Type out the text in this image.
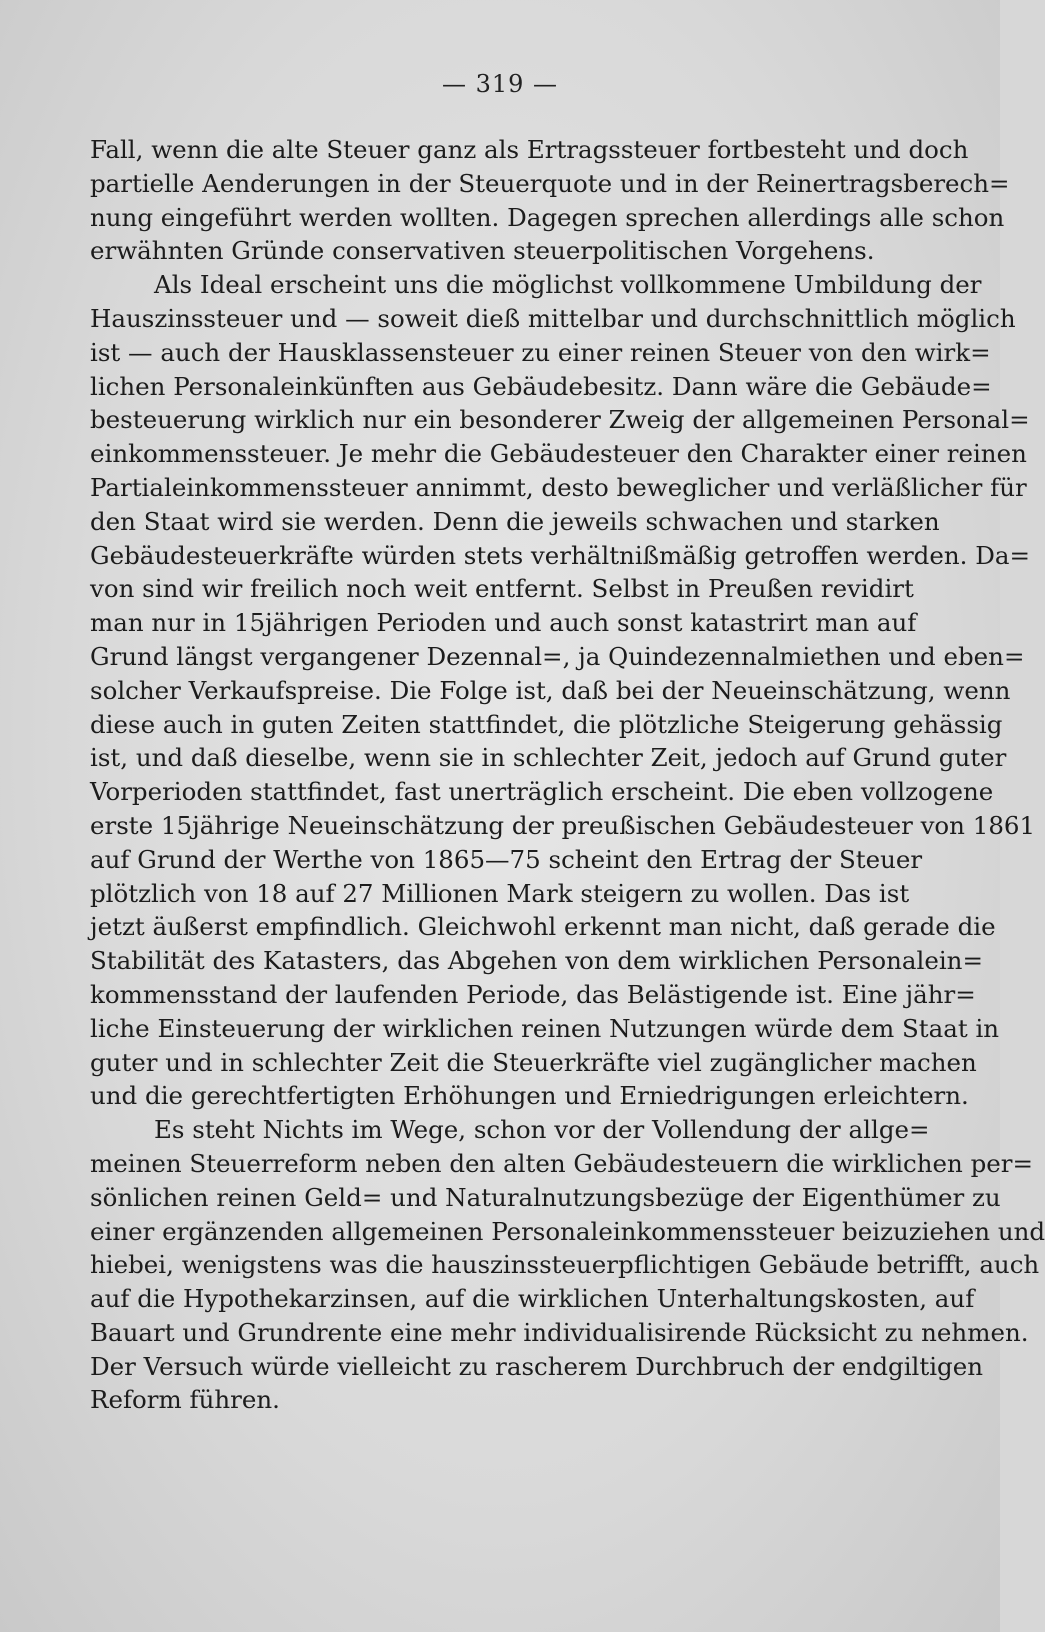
— 319 —
Fall, wenn die alte Steuer ganz als Ertragssteuer fortbesteht und doch
partielle Aenderungen in der Steuerquote und in der Reinertragsberech=
nung eingeführt werden wollten. Dagegen sprechen allerdings alle schon
erwähnten Gründe conservativen steuerpolitischen Vorgehens.
Als Ideal erscheint uns die möglichst vollkommene Umbildung der
Hauszinssteuer und — soweit dieß mittelbar und durchschnittlich möglich
ist — auch der Hausklassensteuer zu einer reinen Steuer von den wirk=
lichen Personaleinkünften aus Gebäudebesitz. Dann wäre die Gebäude=
besteuerung wirklich nur ein besonderer Zweig der allgemeinen Personal=
einkommenssteuer. Je mehr die Gebäudesteuer den Charakter einer reinen
Partialeinkommenssteuer annimmt, desto beweglicher und verläßlicher für
den Staat wird sie werden. Denn die jeweils schwachen und starken
Gebäudesteuerkräfte würden stets verhältnißmäßig getroffen werden. Da=
von sind wir freilich noch weit entfernt. Selbst in Preußen revidirt
man nur in 15jährigen Perioden und auch sonst katastrirt man auf
Grund längst vergangener Dezennal=, ja Quindezennalmiethen und eben=
solcher Verkaufspreise. Die Folge ist, daß bei der Neueinschätzung, wenn
diese auch in guten Zeiten stattfindet, die plötzliche Steigerung gehässig
ist, und daß dieselbe, wenn sie in schlechter Zeit, jedoch auf Grund guter
Vorperioden stattfindet, fast unerträglich erscheint. Die eben vollzogene
erste 15jährige Neueinschätzung der preußischen Gebäudesteuer von 1861
auf Grund der Werthe von 1865—75 scheint den Ertrag der Steuer
plötzlich von 18 auf 27 Millionen Mark steigern zu wollen. Das ist
jetzt äußerst empfindlich. Gleichwohl erkennt man nicht, daß gerade die
Stabilität des Katasters, das Abgehen von dem wirklichen Personalein=
kommensstand der laufenden Periode, das Belästigende ist. Eine jähr=
liche Einsteuerung der wirklichen reinen Nutzungen würde dem Staat in
guter und in schlechter Zeit die Steuerkräfte viel zugänglicher machen
und die gerechtfertigten Erhöhungen und Erniedrigungen erleichtern.
Es steht Nichts im Wege, schon vor der Vollendung der allge=
meinen Steuerreform neben den alten Gebäudesteuern die wirklichen per=
sönlichen reinen Geld= und Naturalnutzungsbezüge der Eigenthümer zu
einer ergänzenden allgemeinen Personaleinkommenssteuer beizuziehen und
hiebei, wenigstens was die hauszinssteuerpflichtigen Gebäude betrifft, auch
auf die Hypothekarzinsen, auf die wirklichen Unterhaltungskosten, auf
Bauart und Grundrente eine mehr individualisirende Rücksicht zu nehmen.
Der Versuch würde vielleicht zu rascherem Durchbruch der endgiltigen
Reform führen.
